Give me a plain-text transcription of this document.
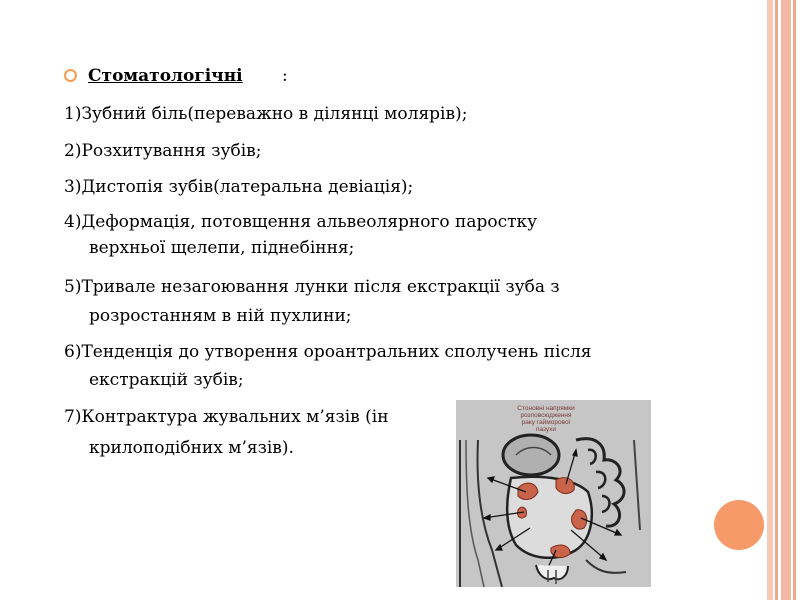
Стоматологічні :
1)Зубний біль(переважно в ділянці молярів);
2)Розхитування зубів;
3)Дистопія зубів(латеральна девіація);
4)Деформація, потовщення альвеолярного паростку
верхньої щелепи, піднебіння;
5)Тривале незагоювання лунки після екстракції зуба з
розростанням в ній пухлини;
6)Тенденція до утворення ороантральних сполучень після
екстракцій зубів;
7)Контрактура жувальних м’язів (ін
крилоподібних м’язів).
Стоновні напрямки
розповсюдження
раку гайморової
пазухи
